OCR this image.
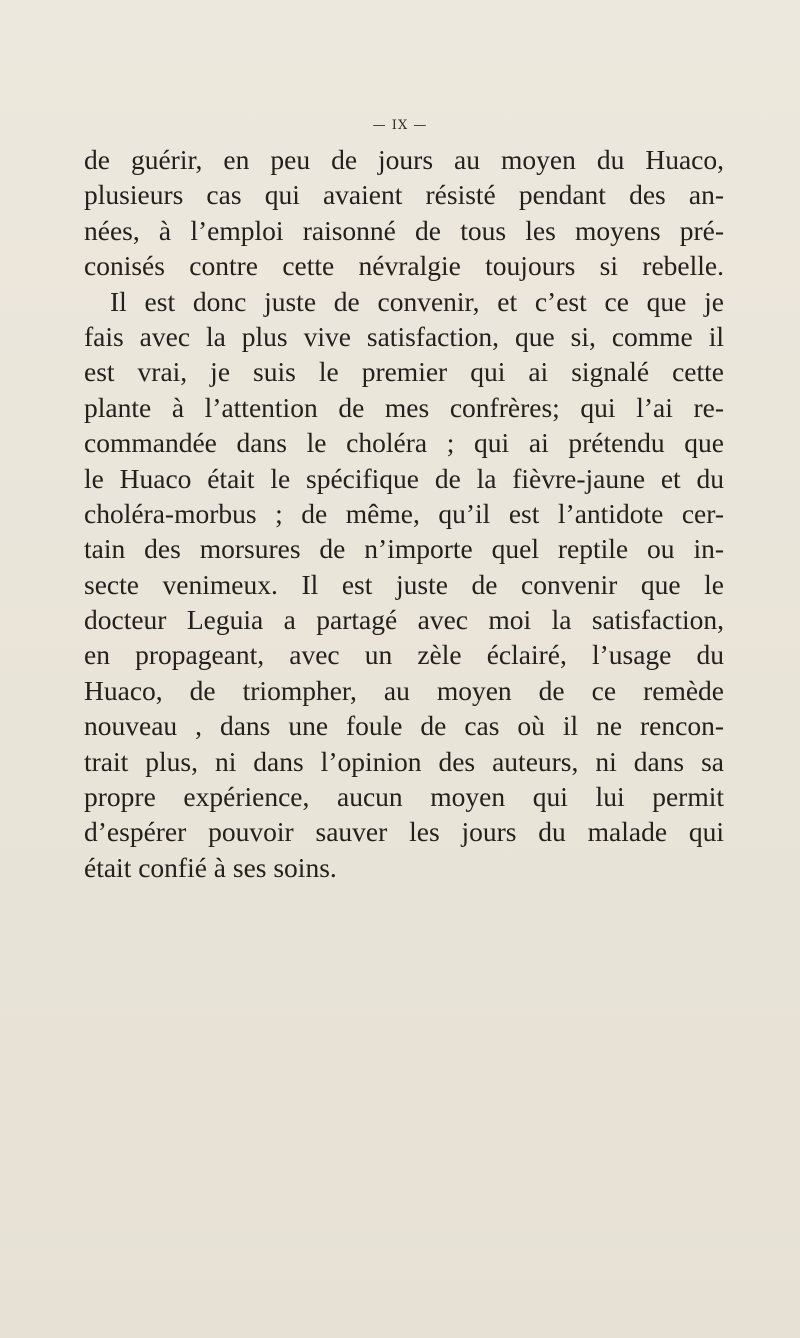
— IX —
de guérir, en peu de jours au moyen du Huaco,
plusieurs cas qui avaient résisté pendant des an-
nées, à l’emploi raisonné de tous les moyens pré-
conisés contre cette névralgie toujours si rebelle.
Il est donc juste de convenir, et c’est ce que je
fais avec la plus vive satisfaction, que si, comme il
est vrai, je suis le premier qui ai signalé cette
plante à l’attention de mes confrères; qui l’ai re-
commandée dans le choléra ; qui ai prétendu que
le Huaco était le spécifique de la fièvre-jaune et du
choléra-morbus ; de même, qu’il est l’antidote cer-
tain des morsures de n’importe quel reptile ou in-
secte venimeux. Il est juste de convenir que le
docteur Leguia a partagé avec moi la satisfaction,
en propageant, avec un zèle éclairé, l’usage du
Huaco, de triompher, au moyen de ce remède
nouveau , dans une foule de cas où il ne rencon-
trait plus, ni dans l’opinion des auteurs, ni dans sa
propre expérience, aucun moyen qui lui permit
d’espérer pouvoir sauver les jours du malade qui
était confié à ses soins.
